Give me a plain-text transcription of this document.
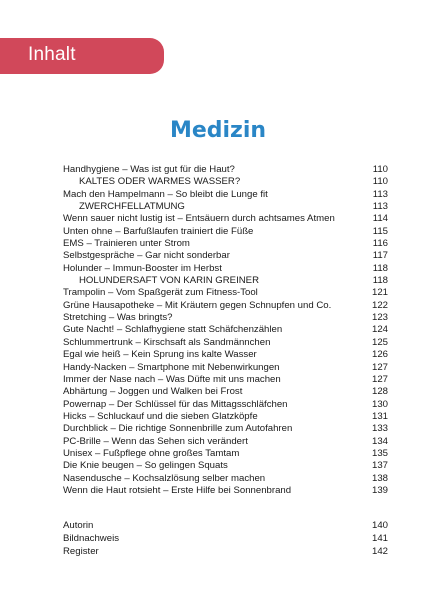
Inhalt
Medizin
Handhygiene – Was ist gut für die Haut?	110
KALTES ODER WARMES WASSER?	110
Mach den Hampelmann – So bleibt die Lunge fit	113
ZWERCHFELLATMUNG	113
Wenn sauer nicht lustig ist – Entsäuern durch achtsames Atmen	114
Unten ohne – Barfußlaufen trainiert die Füße	115
EMS – Trainieren unter Strom	116
Selbstgespräche – Gar nicht sonderbar	117
Holunder – Immun-Booster im Herbst	118
HOLUNDERSAFT VON KARIN GREINER	118
Trampolin – Vom Spaßgerät zum Fitness-Tool	121
Grüne Hausapotheke – Mit Kräutern gegen Schnupfen und Co.	122
Stretching – Was bringts?	123
Gute Nacht! – Schlafhygiene statt Schäfchenzählen	124
Schlummertrunk – Kirschsaft als Sandmännchen	125
Egal wie heiß – Kein Sprung ins kalte Wasser	126
Handy-Nacken – Smartphone mit Nebenwirkungen	127
Immer der Nase nach – Was Düfte mit uns machen	127
Abhärtung – Joggen und Walken bei Frost	128
Powernap – Der Schlüssel für das Mittagsschläfchen	130
Hicks – Schluckauf und die sieben Glatzköpfe	131
Durchblick – Die richtige Sonnenbrille zum Autofahren	133
PC-Brille – Wenn das Sehen sich verändert	134
Unisex – Fußpflege ohne großes Tamtam	135
Die Knie beugen – So gelingen Squats	137
Nasendusche – Kochsalzlösung selber machen	138
Wenn die Haut rotsieht – Erste Hilfe bei Sonnenbrand	139
Autorin	140
Bildnachweis	141
Register	142
